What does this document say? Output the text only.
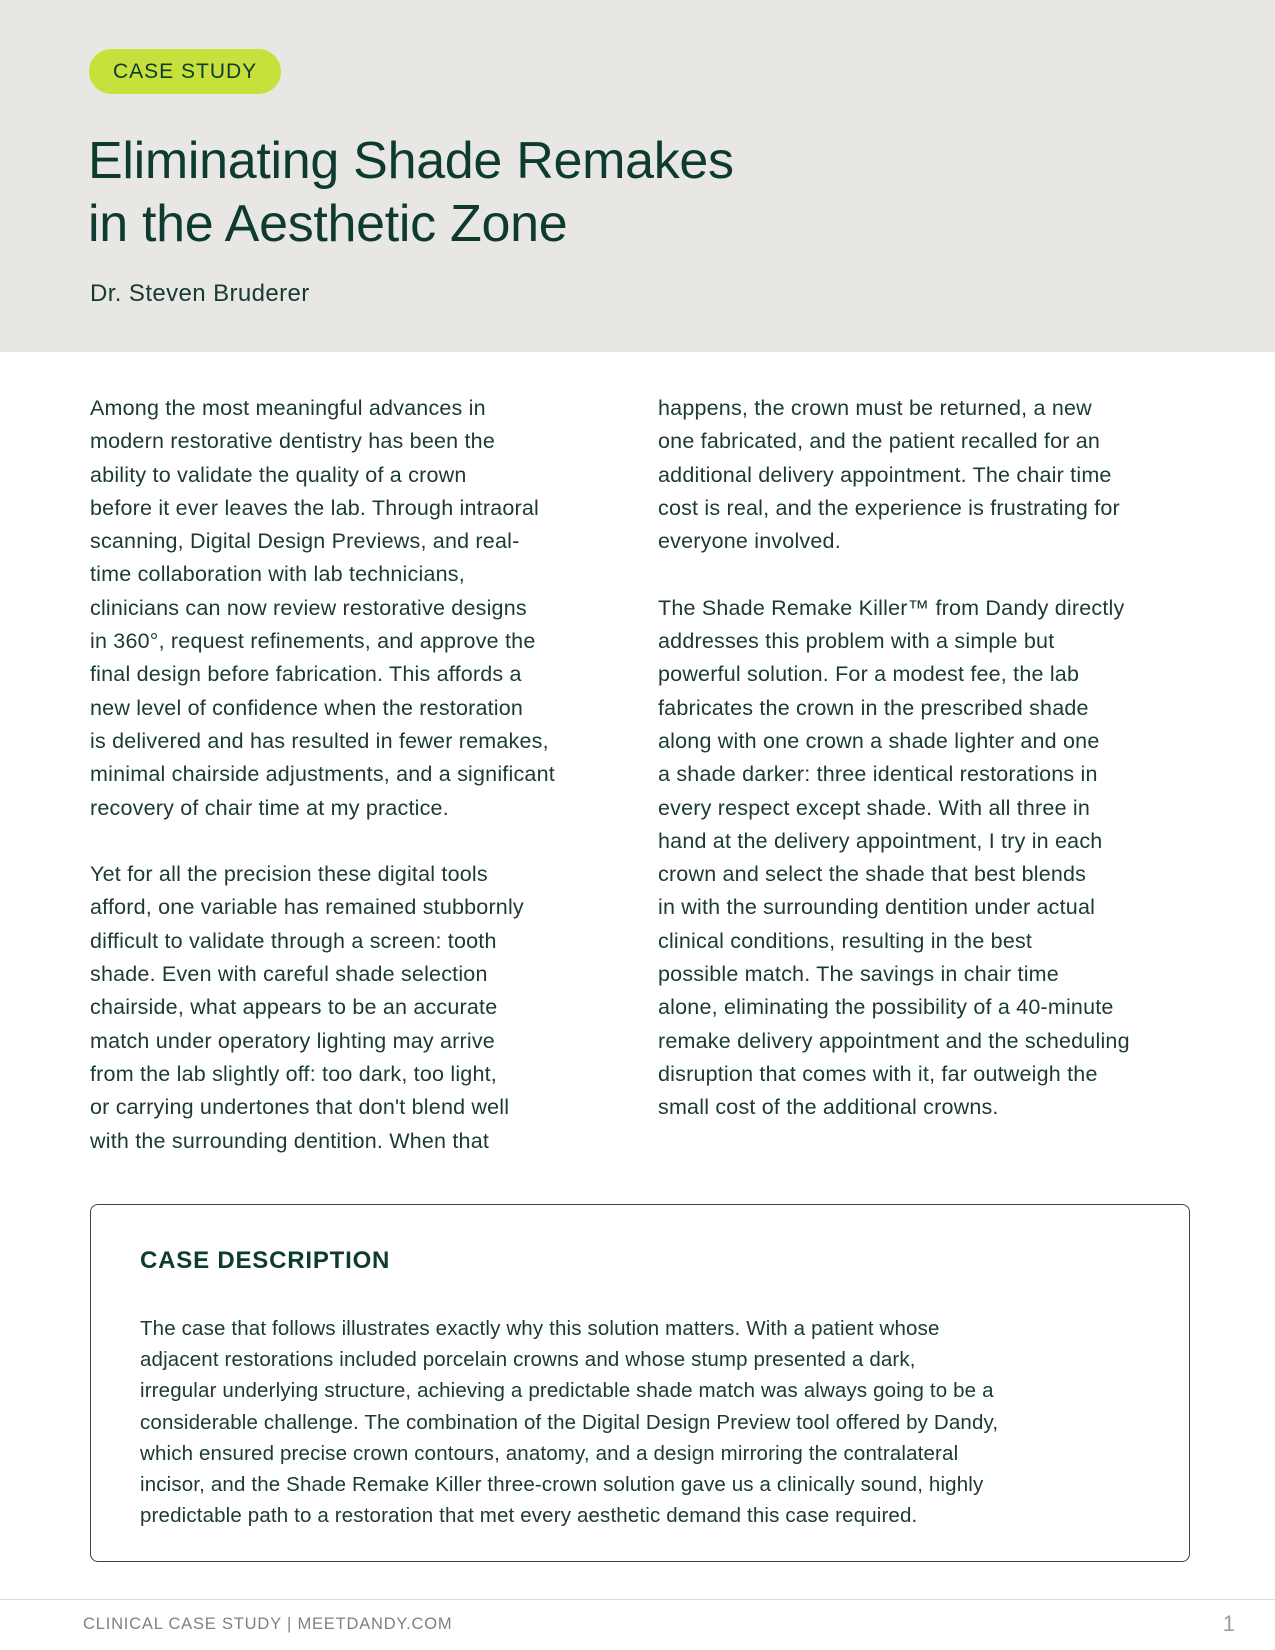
CASE STUDY
Eliminating Shade Remakes
in the Aesthetic Zone
Dr. Steven Bruderer
Among the most meaningful advances in
modern restorative dentistry has been the
ability to validate the quality of a crown
before it ever leaves the lab. Through intraoral
scanning, Digital Design Previews, and real-
time collaboration with lab technicians,
clinicians can now review restorative designs
in 360°, request refinements, and approve the
final design before fabrication. This affords a
new level of confidence when the restoration
is delivered and has resulted in fewer remakes,
minimal chairside adjustments, and a significant
recovery of chair time at my practice.
Yet for all the precision these digital tools
afford, one variable has remained stubbornly
difficult to validate through a screen: tooth
shade. Even with careful shade selection
chairside, what appears to be an accurate
match under operatory lighting may arrive
from the lab slightly off: too dark, too light,
or carrying undertones that don't blend well
with the surrounding dentition. When that
happens, the crown must be returned, a new
one fabricated, and the patient recalled for an
additional delivery appointment. The chair time
cost is real, and the experience is frustrating for
everyone involved.
The Shade Remake Killer™ from Dandy directly
addresses this problem with a simple but
powerful solution. For a modest fee, the lab
fabricates the crown in the prescribed shade
along with one crown a shade lighter and one
a shade darker: three identical restorations in
every respect except shade. With all three in
hand at the delivery appointment, I try in each
crown and select the shade that best blends
in with the surrounding dentition under actual
clinical conditions, resulting in the best
possible match. The savings in chair time
alone, eliminating the possibility of a 40-minute
remake delivery appointment and the scheduling
disruption that comes with it, far outweigh the
small cost of the additional crowns.
CASE DESCRIPTION
The case that follows illustrates exactly why this solution matters. With a patient whose
adjacent restorations included porcelain crowns and whose stump presented a dark,
irregular underlying structure, achieving a predictable shade match was always going to be a
considerable challenge. The combination of the Digital Design Preview tool offered by Dandy,
which ensured precise crown contours, anatomy, and a design mirroring the contralateral
incisor, and the Shade Remake Killer three-crown solution gave us a clinically sound, highly
predictable path to a restoration that met every aesthetic demand this case required.
CLINICAL CASE STUDY | MEETDANDY.COM	1
